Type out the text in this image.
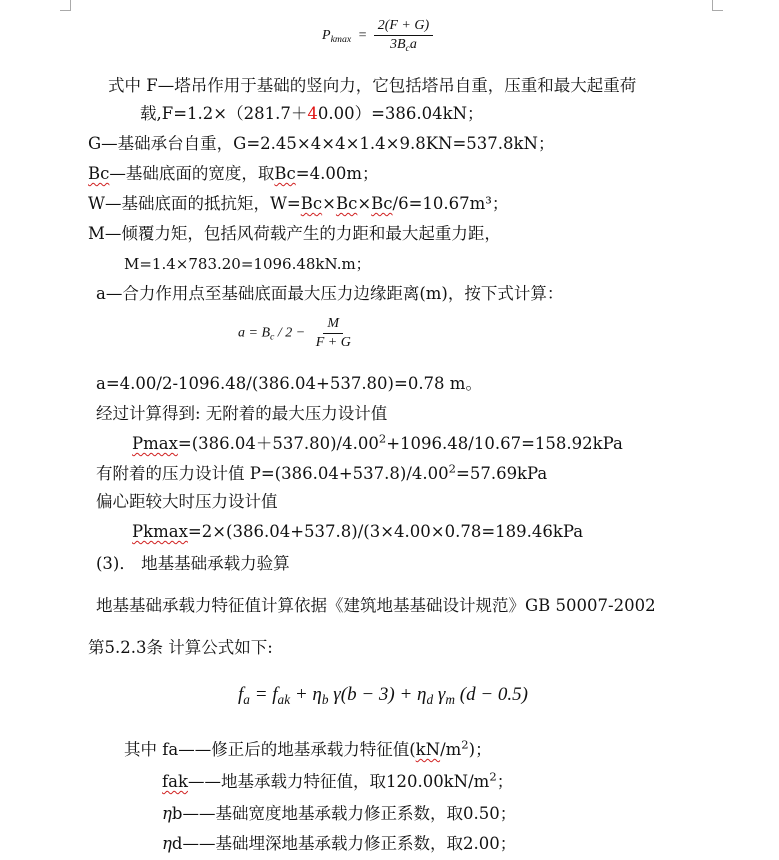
$P_{kmax} = \frac{2(F + G)}{3B_ca}$
式中 F—塔吊作用于基础的竖向力，它包括塔吊自重，压重和最大起重荷
载,F=1.2×（281.7＋40.00）=386.04kN；
G—基础承台自重，G=2.45×4×4×1.4×9.8KN=537.8kN；
Bc—基础底面的宽度，取Bc=4.00m；
W—基础底面的抵抗矩，W=Bc×Bc×Bc/6=10.67m³；
M—倾覆力矩，包括风荷载产生的力距和最大起重力距，
M=1.4×783.20=1096.48kN.m；
a—合力作用点至基础底面最大压力边缘距离(m)，按下式计算：
$a = B_c / 2 - \frac{M}{F + G}$
a=4.00/2-1096.48/(386.04+537.80)=0.78 m。
经过计算得到: 无附着的最大压力设计值
$Pmax=(386.04+537.80)/4.00^2+1096.48/10.67=158.92kPa$
有附着的压力设计值 $P=(386.04+537.8)/4.00^2=57.69kPa$
偏心距较大时压力设计值
Pkmax=2×(386.04+537.8)/(3×4.00×0.78=189.46kPa
(3)． 地基基础承载力验算
地基基础承载力特征值计算依据《建筑地基基础设计规范》GB 50007-2002
第5.2.3条 计算公式如下:
$f_a = f_{ak} + \eta_b$ $\gamma(b - 3) + \eta_d$ $\gamma_m$ (d − 0.5)
其中 fa——修正后的地基承载力特征值$(kN/m^2)$；
fak——地基承载力特征值，取$120.00kN/m^2$；
ηb——基础宽度地基承载力修正系数，取0.50；
ηd——基础埋深地基承载力修正系数，取2.00；
